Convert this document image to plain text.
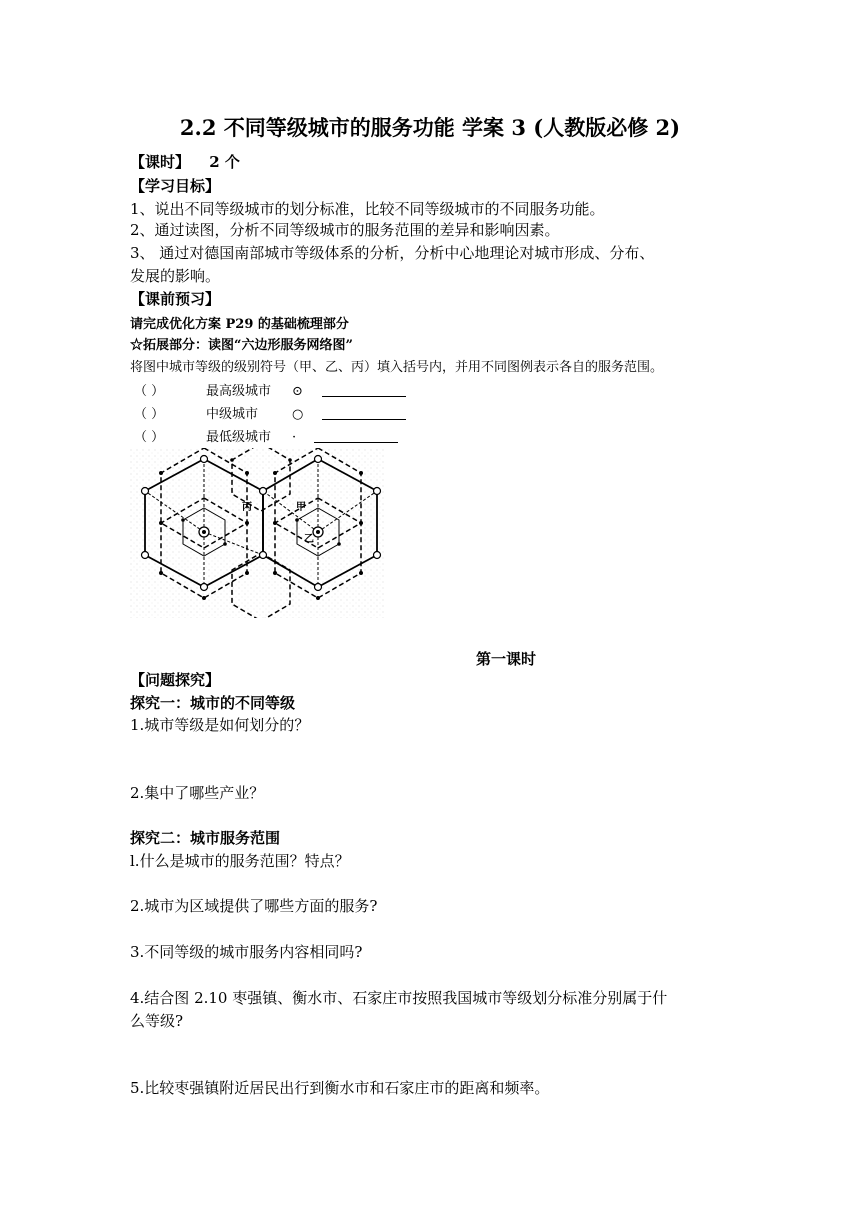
2.2 不同等级城市的服务功能 学案 3 (人教版必修 2)
【课时】 2 个
【学习目标】
1、说出不同等级城市的划分标准，比较不同等级城市的不同服务功能。
2、通过读图，分析不同等级城市的服务范围的差异和影响因素。
3、 通过对德国南部城市等级体系的分析，分析中心地理论对城市形成、分布、
发展的影响。
【课前预习】
请完成优化方案 P29 的基础梳理部分
☆拓展部分：读图“六边形服务网络图”
将图中城市等级的级别符号（甲、乙、丙）填入括号内，并用不同图例表示各自的服务范围。
（ ）	最高级城市 ⊙
（ ）	中级城市	○
（ ）	最低级城市 ·
丙	甲
乙
第一课时
【问题探究】
探究一：城市的不同等级
1.城市等级是如何划分的？
2.集中了哪些产业？
探究二：城市服务范围
l.什么是城市的服务范围？特点？
2.城市为区域提供了哪些方面的服务?
3.不同等级的城市服务内容相同吗?
4.结合图 2.10 枣强镇、衡水市、石家庄市按照我国城市等级划分标准分别属于什
么等级?
5.比较枣强镇附近居民出行到衡水市和石家庄市的距离和频率。
